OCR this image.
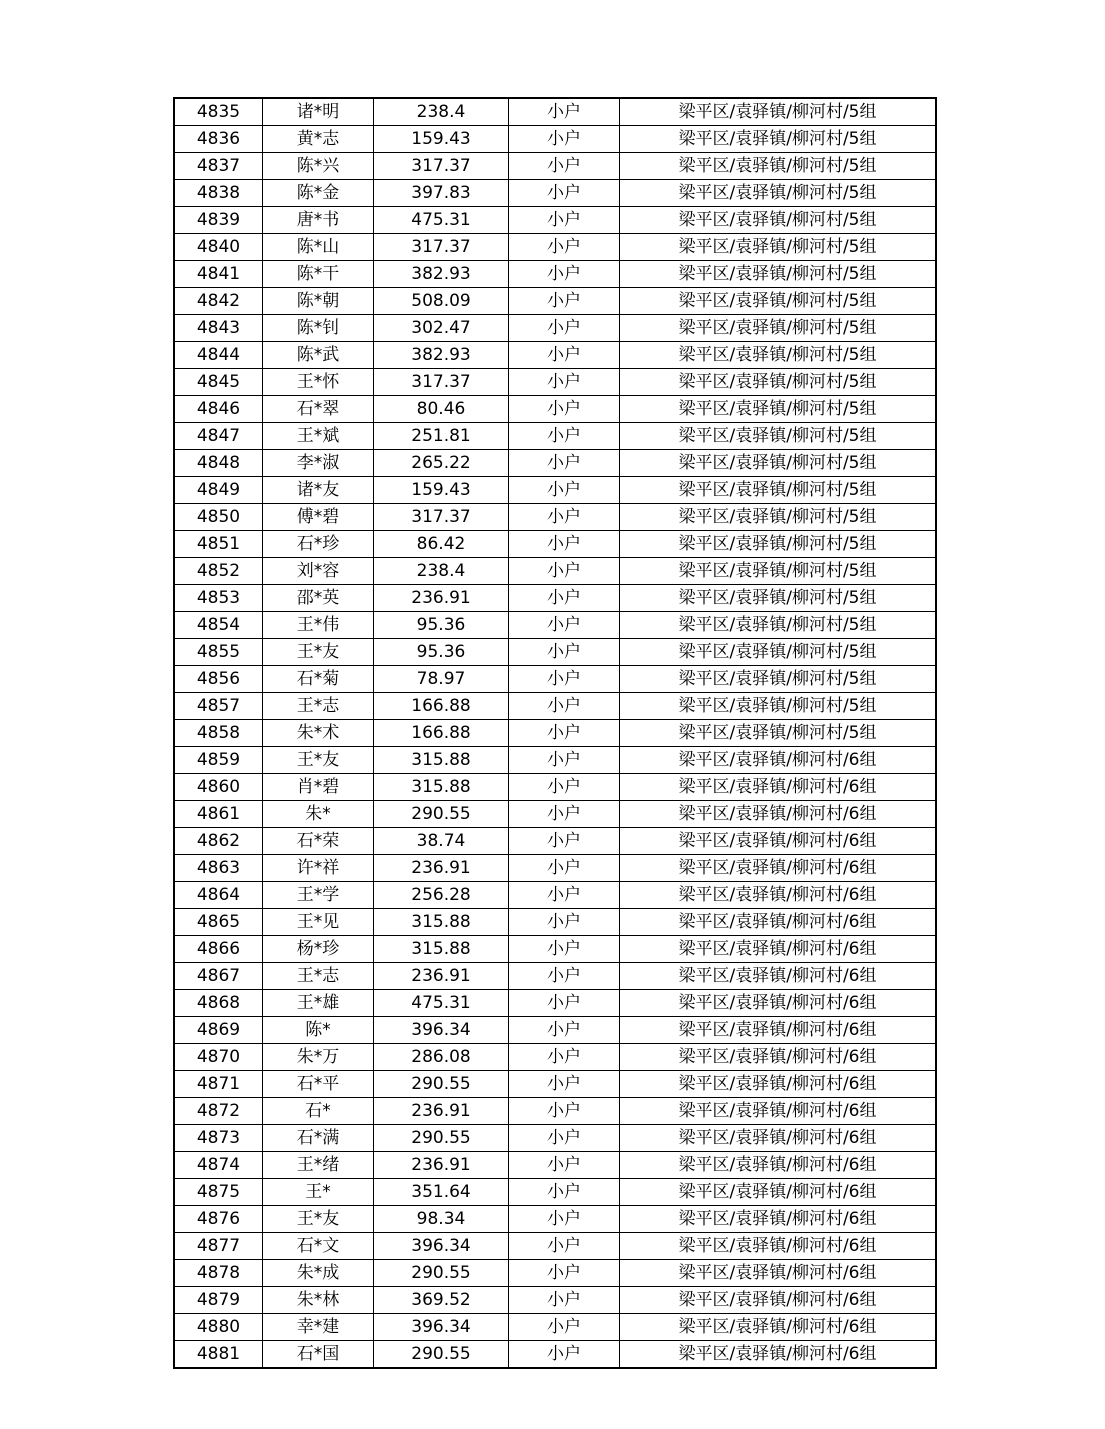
4835	诸*明	238.4	小户	梁平区/袁驿镇/柳河村/5组
4836	黄*志	159.43	小户	梁平区/袁驿镇/柳河村/5组
4837	陈*兴	317.37	小户	梁平区/袁驿镇/柳河村/5组
4838	陈*金	397.83	小户	梁平区/袁驿镇/柳河村/5组
4839	唐*书	475.31	小户	梁平区/袁驿镇/柳河村/5组
4840	陈*山	317.37	小户	梁平区/袁驿镇/柳河村/5组
4841	陈*干	382.93	小户	梁平区/袁驿镇/柳河村/5组
4842	陈*朝	508.09	小户	梁平区/袁驿镇/柳河村/5组
4843	陈*钊	302.47	小户	梁平区/袁驿镇/柳河村/5组
4844	陈*武	382.93	小户	梁平区/袁驿镇/柳河村/5组
4845	王*怀	317.37	小户	梁平区/袁驿镇/柳河村/5组
4846	石*翠	80.46	小户	梁平区/袁驿镇/柳河村/5组
4847	王*斌	251.81	小户	梁平区/袁驿镇/柳河村/5组
4848	李*淑	265.22	小户	梁平区/袁驿镇/柳河村/5组
4849	诸*友	159.43	小户	梁平区/袁驿镇/柳河村/5组
4850	傅*碧	317.37	小户	梁平区/袁驿镇/柳河村/5组
4851	石*珍	86.42	小户	梁平区/袁驿镇/柳河村/5组
4852	刘*容	238.4	小户	梁平区/袁驿镇/柳河村/5组
4853	邵*英	236.91	小户	梁平区/袁驿镇/柳河村/5组
4854	王*伟	95.36	小户	梁平区/袁驿镇/柳河村/5组
4855	王*友	95.36	小户	梁平区/袁驿镇/柳河村/5组
4856	石*菊	78.97	小户	梁平区/袁驿镇/柳河村/5组
4857	王*志	166.88	小户	梁平区/袁驿镇/柳河村/5组
4858	朱*术	166.88	小户	梁平区/袁驿镇/柳河村/5组
4859	王*友	315.88	小户	梁平区/袁驿镇/柳河村/6组
4860	肖*碧	315.88	小户	梁平区/袁驿镇/柳河村/6组
4861	朱*	290.55	小户	梁平区/袁驿镇/柳河村/6组
4862	石*荣	38.74	小户	梁平区/袁驿镇/柳河村/6组
4863	许*祥	236.91	小户	梁平区/袁驿镇/柳河村/6组
4864	王*学	256.28	小户	梁平区/袁驿镇/柳河村/6组
4865	王*见	315.88	小户	梁平区/袁驿镇/柳河村/6组
4866	杨*珍	315.88	小户	梁平区/袁驿镇/柳河村/6组
4867	王*志	236.91	小户	梁平区/袁驿镇/柳河村/6组
4868	王*雄	475.31	小户	梁平区/袁驿镇/柳河村/6组
4869	陈*	396.34	小户	梁平区/袁驿镇/柳河村/6组
4870	朱*万	286.08	小户	梁平区/袁驿镇/柳河村/6组
4871	石*平	290.55	小户	梁平区/袁驿镇/柳河村/6组
4872	石*	236.91	小户	梁平区/袁驿镇/柳河村/6组
4873	石*满	290.55	小户	梁平区/袁驿镇/柳河村/6组
4874	王*绪	236.91	小户	梁平区/袁驿镇/柳河村/6组
4875	王*	351.64	小户	梁平区/袁驿镇/柳河村/6组
4876	王*友	98.34	小户	梁平区/袁驿镇/柳河村/6组
4877	石*文	396.34	小户	梁平区/袁驿镇/柳河村/6组
4878	朱*成	290.55	小户	梁平区/袁驿镇/柳河村/6组
4879	朱*林	369.52	小户	梁平区/袁驿镇/柳河村/6组
4880	幸*建	396.34	小户	梁平区/袁驿镇/柳河村/6组
4881	石*国	290.55	小户	梁平区/袁驿镇/柳河村/6组
